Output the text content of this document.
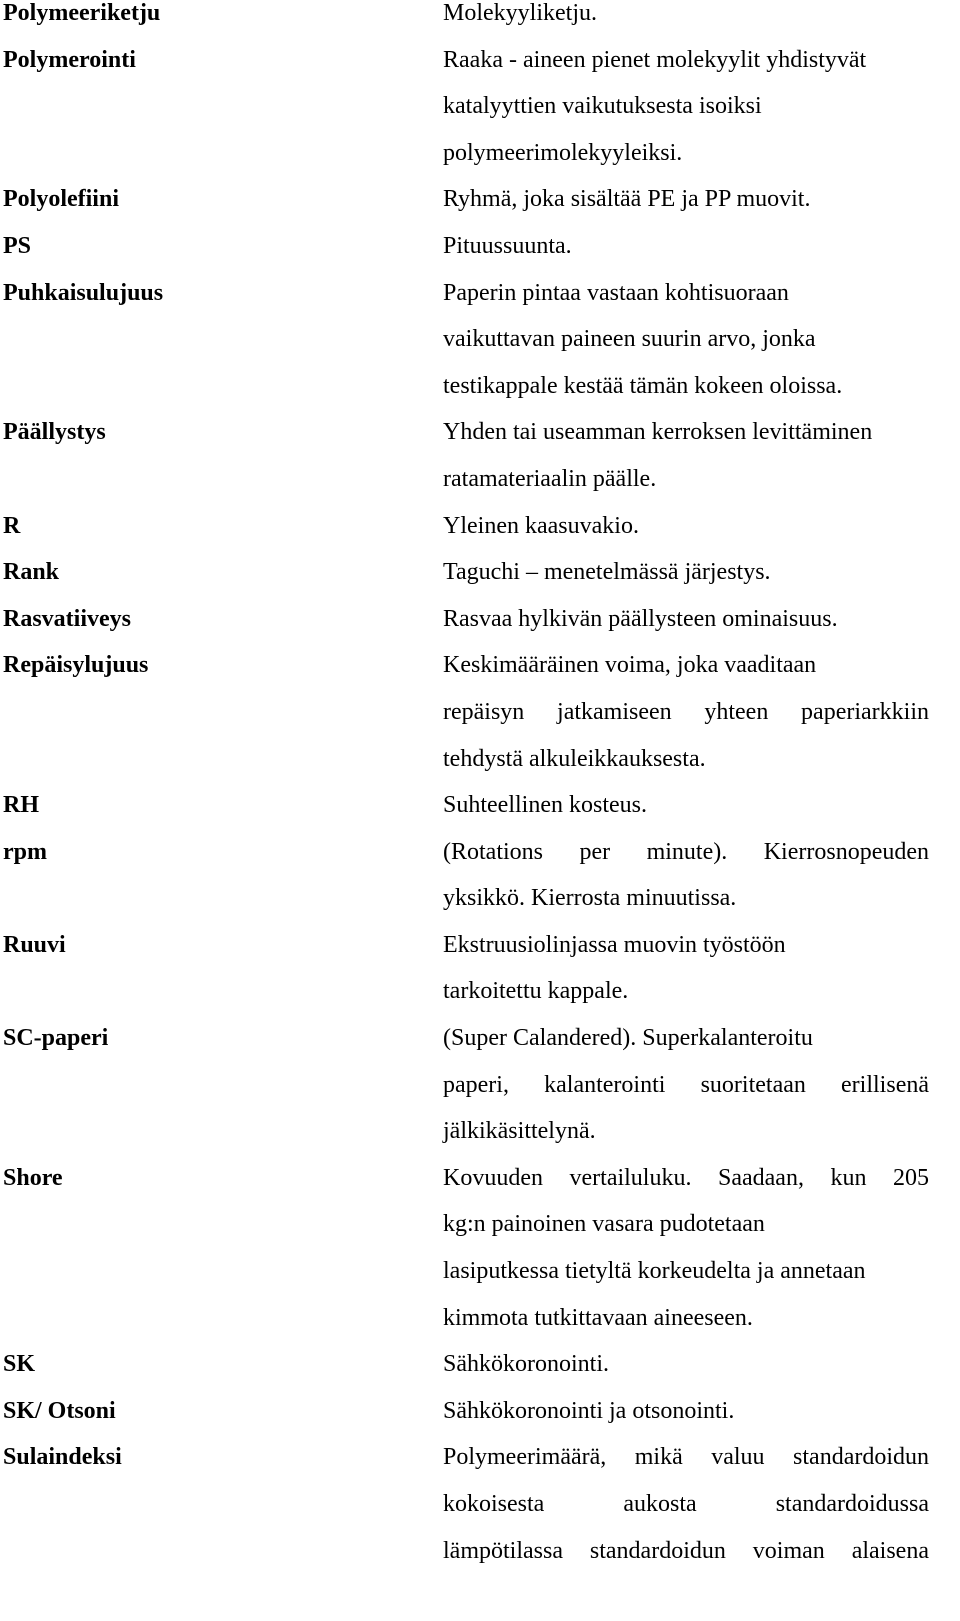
Polymeeriketju	Molekyyliketju.
Polymerointi	Raaka - aineen pienet molekyylit yhdistyvät
katalyyttien vaikutuksesta isoiksi
polymeerimolekyyleiksi.
Polyolefiini	Ryhmä, joka sisältää PE ja PP muovit.
PS	Pituussuunta.
Puhkaisulujuus	Paperin pintaa vastaan kohtisuoraan
vaikuttavan paineen suurin arvo, jonka
testikappale kestää tämän kokeen oloissa.
Päällystys	Yhden tai useamman kerroksen levittäminen
ratamateriaalin päälle.
R	Yleinen kaasuvakio.
Rank	Taguchi – menetelmässä järjestys.
Rasvatiiveys	Rasvaa hylkivän päällysteen ominaisuus.
Repäisylujuus	Keskimääräinen voima, joka vaaditaan
repäisyn jatkamiseen yhteen paperiarkkiin
tehdystä alkuleikkauksesta.
RH	Suhteellinen kosteus.
rpm	(Rotations per minute). Kierrosnopeuden
yksikkö. Kierrosta minuutissa.
Ruuvi	Ekstruusiolinjassa muovin työstöön
tarkoitettu kappale.
SC-paperi	(Super Calandered). Superkalanteroitu
paperi, kalanterointi suoritetaan erillisenä
jälkikäsittelynä.
Shore	Kovuuden vertailuluku. Saadaan, kun 205
kg:n painoinen vasara pudotetaan
lasiputkessa tietyltä korkeudelta ja annetaan
kimmota tutkittavaan aineeseen.
SK	Sähkökoronointi.
SK/ Otsoni	Sähkökoronointi ja otsonointi.
Sulaindeksi	Polymeerimäärä, mikä valuu standardoidun
kokoisesta aukosta standardoidussa
lämpötilassa standardoidun voiman alaisena
